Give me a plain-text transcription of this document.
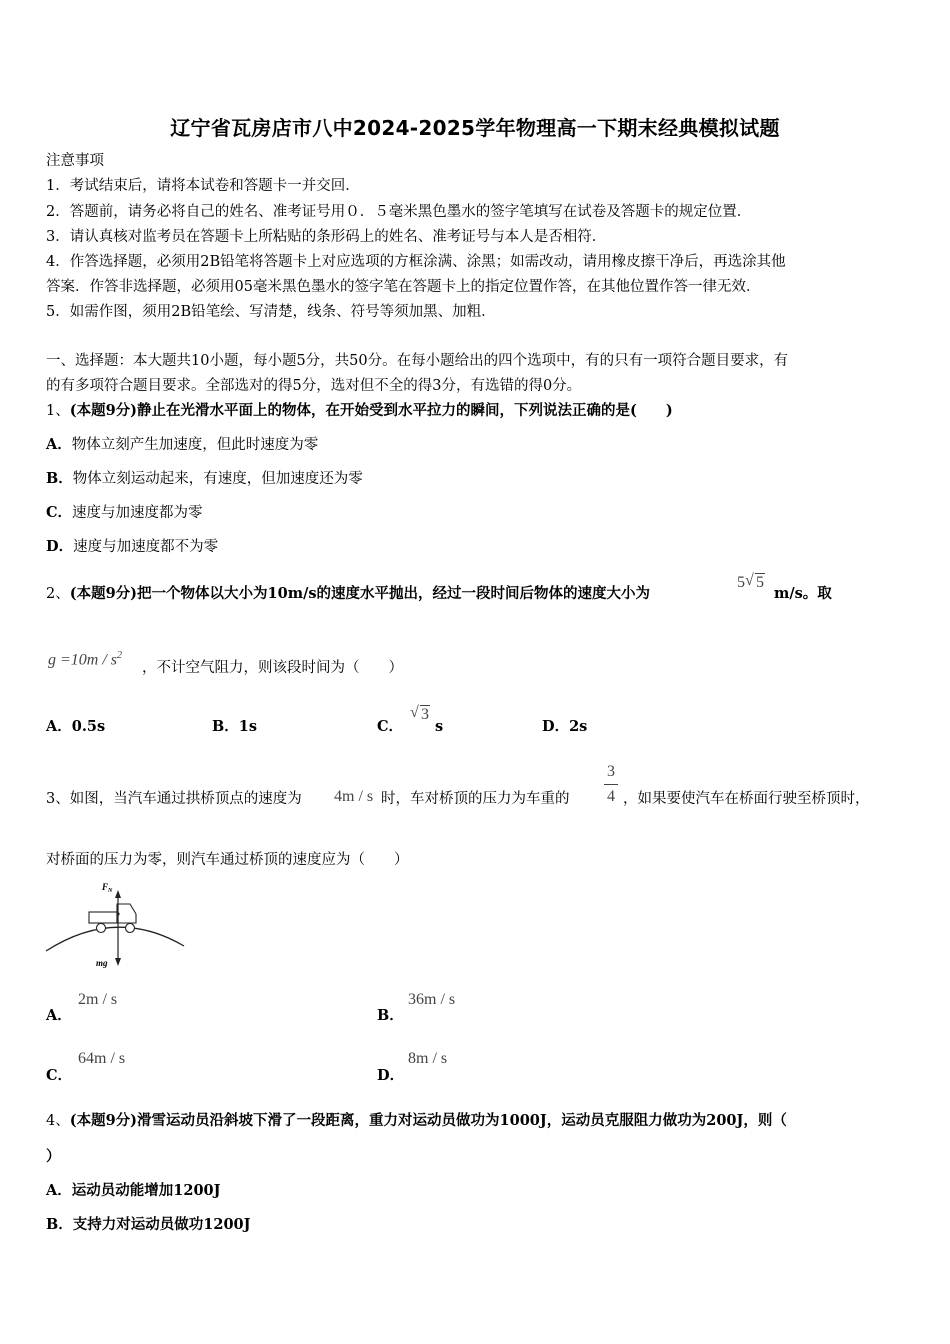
辽宁省瓦房店市八中2024-2025学年物理高一下期末经典模拟试题
注意事项
1．考试结束后，请将本试卷和答题卡一并交回．
2．答题前，请务必将自己的姓名、准考证号用０．５毫米黑色墨水的签字笔填写在试卷及答题卡的规定位置．
3．请认真核对监考员在答题卡上所粘贴的条形码上的姓名、准考证号与本人是否相符．
4．作答选择题，必须用2B铅笔将答题卡上对应选项的方框涂满、涂黑；如需改动，请用橡皮擦干净后，再选涂其他
答案．作答非选择题，必须用05毫米黑色墨水的签字笔在答题卡上的指定位置作答，在其他位置作答一律无效．
5．如需作图，须用2B铅笔绘、写清楚，线条、符号等须加黑、加粗．
一、选择题：本大题共10小题，每小题5分，共50分。在每小题给出的四个选项中，有的只有一项符合题目要求，有
的有多项符合题目要求。全部选对的得5分，选对但不全的得3分，有选错的得0分。
1、(本题9分)静止在光滑水平面上的物体，在开始受到水平拉力的瞬间，下列说法正确的是(　　)
A．物体立刻产生加速度，但此时速度为零
B．物体立刻运动起来，有速度，但加速度还为零
C．速度与加速度都为零
D．速度与加速度都不为零
2、(本题9分)把一个物体以大小为10m/s的速度水平抛出，经过一段时间后物体的速度大小为
5 √ 5
m/s。取
$g =10m / s^2$
，不计空气阻力，则该段时间为（　　）
A．0.5s	B．1s	C．
√ 3
s	D．2s
3、如图，当汽车通过拱桥顶点的速度为 4m / s 时，车对桥顶的压力为车重的
3
4 ，如果要使汽车在桥面行驶至桥顶时，
对桥面的压力为零，则汽车通过桥顶的速度应为（　　）
$F_N$
mg
A．
2m / s
B．
36m / s
C．
64m / s
D．
8m / s
4、(本题9分)滑雪运动员沿斜坡下滑了一段距离，重力对运动员做功为1000J，运动员克服阻力做功为200J，则（
）
A．运动员动能增加1200J
B．支持力对运动员做功1200J
